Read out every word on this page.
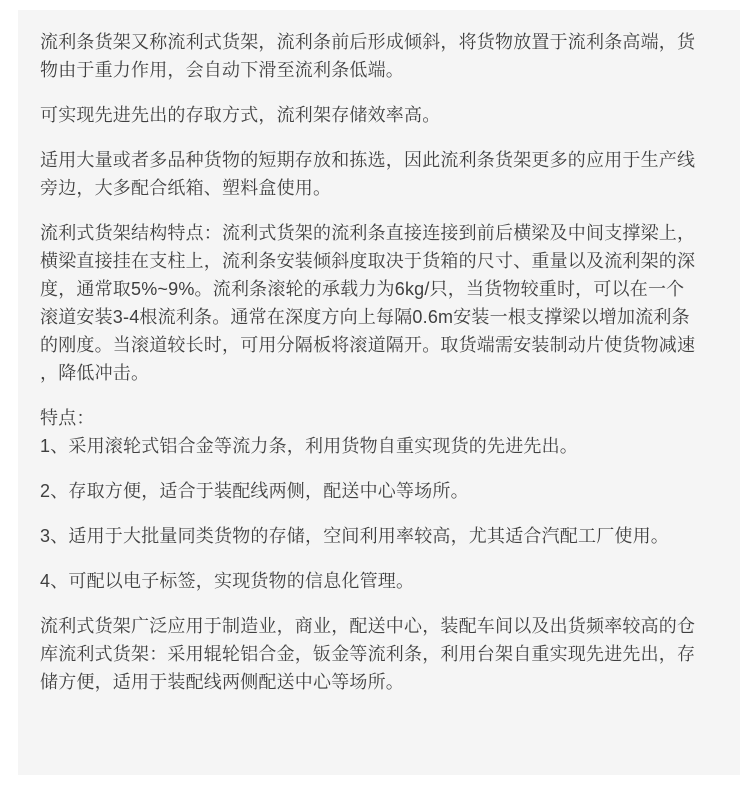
流利条货架又称流利式货架，流利条前后形成倾斜，将货物放置于流利条高端，货
物由于重力作用，会自动下滑至流利条低端。

可实现先进先出的存取方式，流利架存储效率高。

适用大量或者多品种货物的短期存放和拣选，因此流利条货架更多的应用于生产线
旁边，大多配合纸箱、塑料盒使用。

流利式货架结构特点：流利式货架的流利条直接连接到前后横梁及中间支撑梁上，
横梁直接挂在支柱上，流利条安装倾斜度取决于货箱的尺寸、重量以及流利架的深
度，通常取5%~9%。流利条滚轮的承载力为6kg/只，当货物较重时，可以在一个
滚道安装3-4根流利条。通常在深度方向上每隔0.6m安装一根支撑梁以增加流利条
的刚度。当滚道较长时，可用分隔板将滚道隔开。取货端需安装制动片使货物减速
，降低冲击。

特点：
1、采用滚轮式铝合金等流力条，利用货物自重实现货的先进先出。

2、存取方便，适合于装配线两侧，配送中心等场所。

3、适用于大批量同类货物的存储，空间利用率较高，尤其适合汽配工厂使用。

4、可配以电子标签，实现货物的信息化管理。

流利式货架广泛应用于制造业，商业，配送中心，装配车间以及出货频率较高的仓
库流利式货架：采用辊轮铝合金，钣金等流利条，利用台架自重实现先进先出，存
储方便，适用于装配线两侧配送中心等场所。
